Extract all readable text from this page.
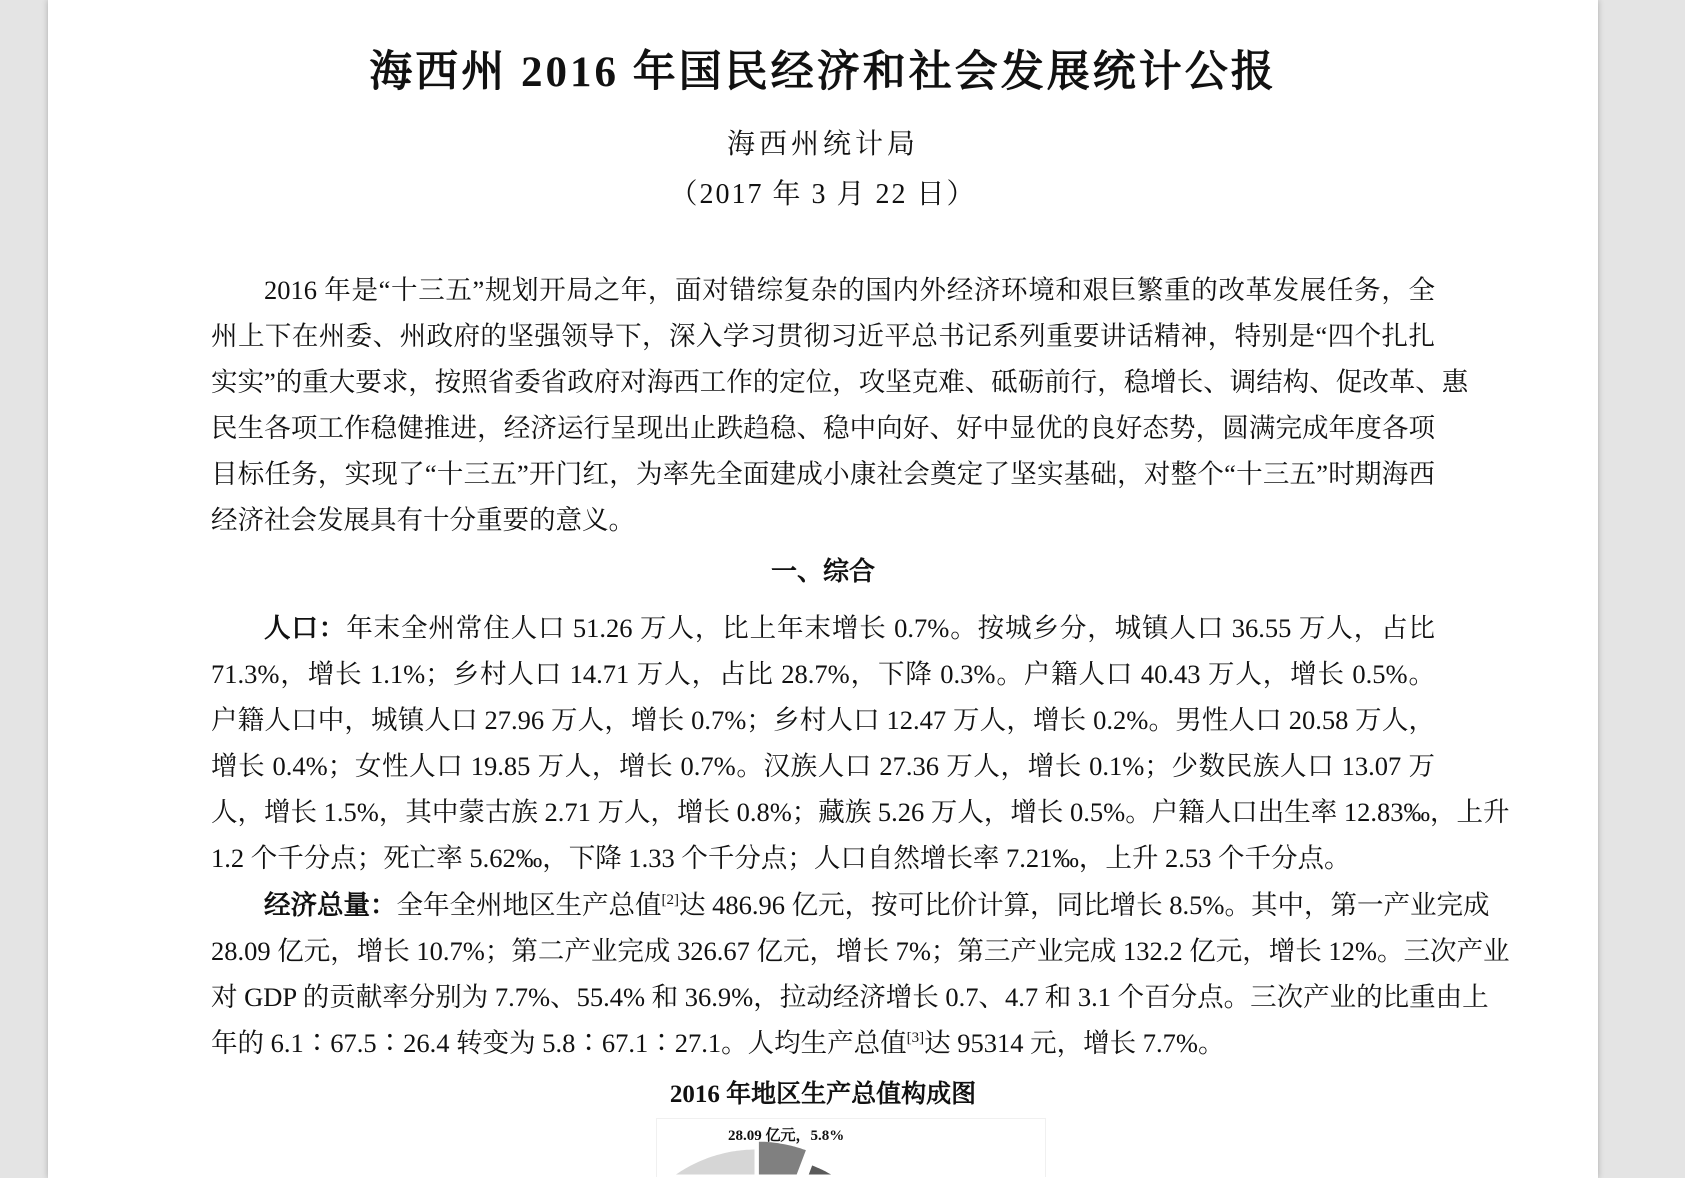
海西州 2016 年国民经济和社会发展统计公报
海西州统计局
（2017 年 3 月 22 日）
2016 年是“十三五”规划开局之年，面对错综复杂的国内外经济环境和艰巨繁重的改革发展任务，全
州上下在州委、州政府的坚强领导下，深入学习贯彻习近平总书记系列重要讲话精神，特别是“四个扎扎
实实”的重大要求，按照省委省政府对海西工作的定位，攻坚克难、砥砺前行，稳增长、调结构、促改革、惠
民生各项工作稳健推进，经济运行呈现出止跌趋稳、稳中向好、好中显优的良好态势，圆满完成年度各项
目标任务，实现了“十三五”开门红，为率先全面建成小康社会奠定了坚实基础，对整个“十三五”时期海西
经济社会发展具有十分重要的意义。
一、综合
人口：年末全州常住人口 51.26 万人，比上年末增长 0.7%。按城乡分，城镇人口 36.55 万人，占比
71.3%，增长 1.1%；乡村人口 14.71 万人，占比 28.7%，下降 0.3%。户籍人口 40.43 万人，增长 0.5%。
户籍人口中，城镇人口 27.96 万人，增长 0.7%；乡村人口 12.47 万人，增长 0.2%。男性人口 20.58 万人，
增长 0.4%；女性人口 19.85 万人，增长 0.7%。汉族人口 27.36 万人，增长 0.1%；少数民族人口 13.07 万
人，增长 1.5%，其中蒙古族 2.71 万人，增长 0.8%；藏族 5.26 万人，增长 0.5%。户籍人口出生率 12.83‰，上升
1.2 个千分点；死亡率 5.62‰，下降 1.33 个千分点；人口自然增长率 7.21‰，上升 2.53 个千分点。
经济总量：全年全州地区生产总值[2]达 486.96 亿元，按可比价计算，同比增长 8.5%。其中，第一产业完成
28.09 亿元，增长 10.7%；第二产业完成 326.67 亿元，增长 7%；第三产业完成 132.2 亿元，增长 12%。三次产业
对 GDP 的贡献率分别为 7.7%、55.4% 和 36.9%，拉动经济增长 0.7、4.7 和 3.1 个百分点。三次产业的比重由上
年的 6.1∶67.5∶26.4 转变为 5.8∶67.1∶27.1。人均生产总值[3]达 95314 元，增长 7.7%。
2016 年地区生产总值构成图
28.09 亿元，5.8%
